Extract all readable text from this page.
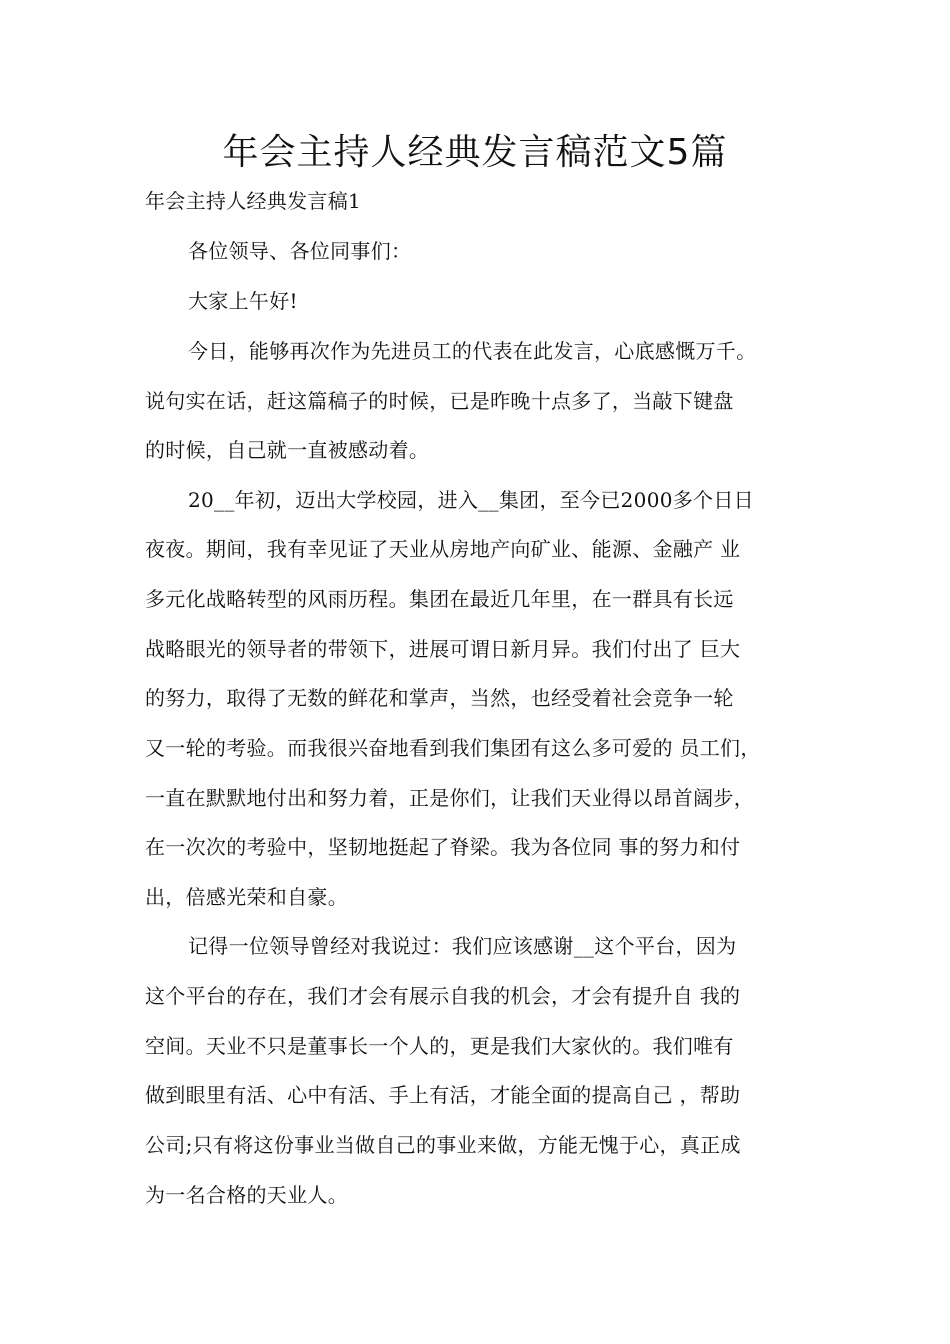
年会主持人经典发言稿范文5篇
年会主持人经典发言稿1
各位领导、各位同事们：
大家上午好!
今日，能够再次作为先进员工的代表在此发言，心底感慨万千。
说句实在话，赶这篇稿子的时候，已是昨晚十点多了，当敲下键盘
的时候，自己就一直被感动着。
20__年初，迈出大学校园，进入__集团，至今已2000多个日日
夜夜。期间，我有幸见证了天业从房地产向矿业、能源、金融产 业
多元化战略转型的风雨历程。集团在最近几年里，在一群具有长远
战略眼光的领导者的带领下，进展可谓日新月异。我们付出了 巨大
的努力，取得了无数的鲜花和掌声，当然，也经受着社会竞争一轮
又一轮的考验。而我很兴奋地看到我们集团有这么多可爱的 员工们，
一直在默默地付出和努力着，正是你们，让我们天业得以昂首阔步，
在一次次的考验中，坚韧地挺起了脊梁。我为各位同 事的努力和付
出，倍感光荣和自豪。
记得一位领导曾经对我说过：我们应该感谢__这个平台，因为
这个平台的存在，我们才会有展示自我的机会，才会有提升自 我的
空间。天业不只是董事长一个人的，更是我们大家伙的。我们唯有
做到眼里有活、心中有活、手上有活，才能全面的提高自己 ，帮助
公司;只有将这份事业当做自己的事业来做，方能无愧于心，真正成
为一名合格的天业人。
